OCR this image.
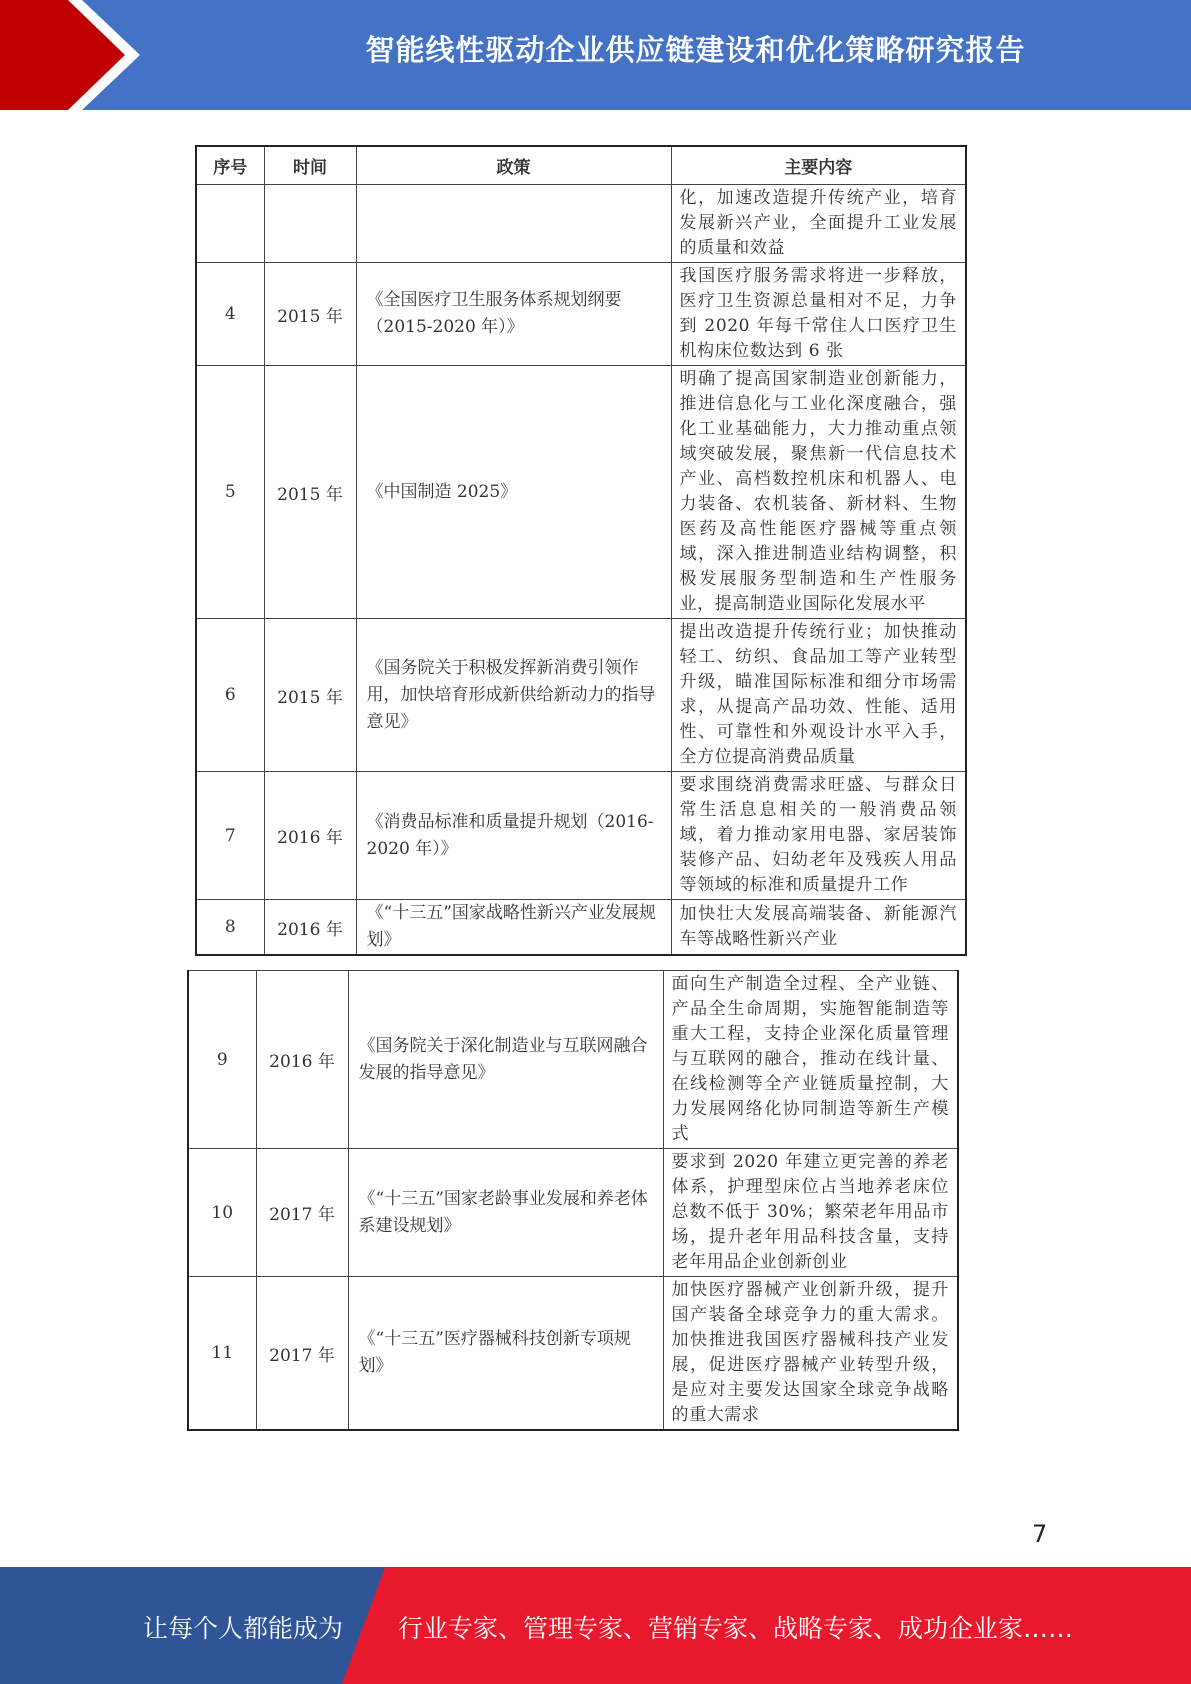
智能线性驱动企业供应链建设和优化策略研究报告
序号	时间	政策	主要内容
			化，加速改造提升传统产业，培育发展新兴产业，全面提升工业发展的质量和效益
4	2015 年	《全国医疗卫生服务体系规划纲要（2015-2020 年）》	我国医疗服务需求将进一步释放，医疗卫生资源总量相对不足，力争到 2020 年每千常住人口医疗卫生机构床位数达到 6 张
5	2015 年	《中国制造 2025》	明确了提高国家制造业创新能力，推进信息化与工业化深度融合，强化工业基础能力，大力推动重点领域突破发展，聚焦新一代信息技术产业、高档数控机床和机器人、电力装备、农机装备、新材料、生物医药及高性能医疗器械等重点领域，深入推进制造业结构调整，积极发展服务型制造和生产性服务业，提高制造业国际化发展水平
6	2015 年	《国务院关于积极发挥新消费引领作用，加快培育形成新供给新动力的指导意见》	提出改造提升传统行业；加快推动轻工、纺织、食品加工等产业转型升级，瞄准国际标准和细分市场需求，从提高产品功效、性能、适用性、可靠性和外观设计水平入手，全方位提高消费品质量
7	2016 年	《消费品标准和质量提升规划（2016-2020 年）》	要求围绕消费需求旺盛、与群众日常生活息息相关的一般消费品领域，着力推动家用电器、家居装饰装修产品、妇幼老年及残疾人用品等领域的标准和质量提升工作
8	2016 年	《“十三五”国家战略性新兴产业发展规划》	加快壮大发展高端装备、新能源汽车等战略性新兴产业
9	2016 年	《国务院关于深化制造业与互联网融合发展的指导意见》	面向生产制造全过程、全产业链、产品全生命周期，实施智能制造等重大工程，支持企业深化质量管理与互联网的融合，推动在线计量、在线检测等全产业链质量控制，大力发展网络化协同制造等新生产模式
10	2017 年	《“十三五”国家老龄事业发展和养老体系建设规划》	要求到 2020 年建立更完善的养老体系，护理型床位占当地养老床位总数不低于 30%；繁荣老年用品市场，提升老年用品科技含量，支持老年用品企业创新创业
11	2017 年	《“十三五”医疗器械科技创新专项规划》	加快医疗器械产业创新升级，提升国产装备全球竞争力的重大需求。加快推进我国医疗器械科技产业发展，促进医疗器械产业转型升级，是应对主要发达国家全球竞争战略的重大需求
7
让每个人都能成为 行业专家、管理专家、营销专家、战略专家、成功企业家……
